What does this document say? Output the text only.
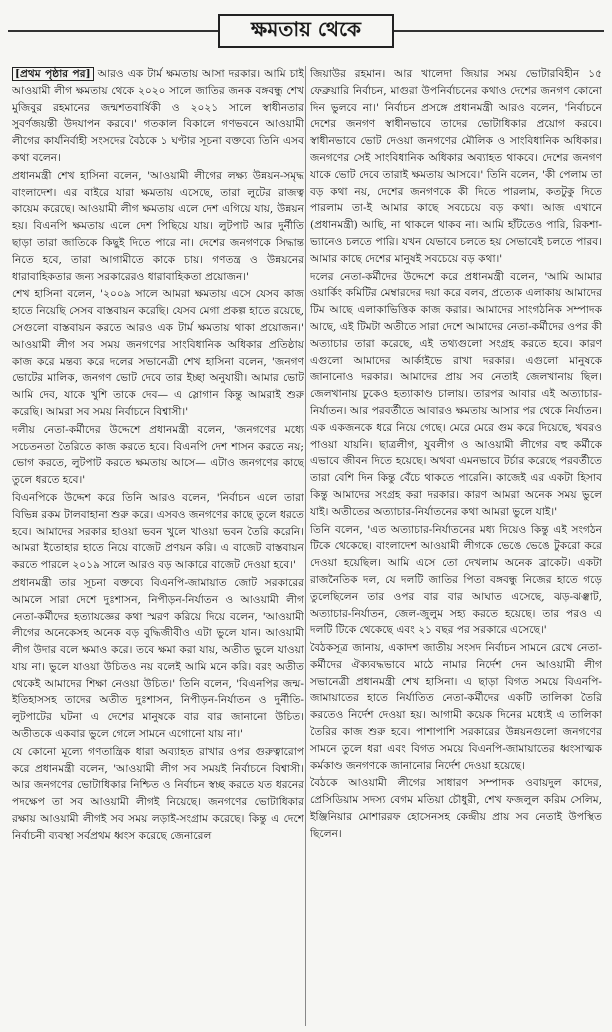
ক্ষমতায় থেকে

[প্রথম পৃষ্ঠার পর] আরও এক টার্ম ক্ষমতায় আসা দরকার। আমি চাই আওয়ামী লীগ ক্ষমতায় থেকে ২০২০ সালে জাতির জনক বঙ্গবন্ধু শেখ মুজিবুর রহমানের জন্মশতবার্ষিকী ও ২০২১ সালে স্বাধীনতার সুবর্ণজয়ন্তী উদযাপন করবে।' গতকাল বিকালে গণভবনে আওয়ামী লীগের কার্যনির্বাহী সংসদের বৈঠকে ১ ঘণ্টার সূচনা বক্তব্যে তিনি এসব কথা বলেন।

প্রধানমন্ত্রী শেখ হাসিনা বলেন, 'আওয়ামী লীগের লক্ষ্য উন্নয়ন-সমৃদ্ধ বাংলাদেশ। এর বাইরে যারা ক্ষমতায় এসেছে, তারা লুটের রাজত্ব কায়েম করেছে। আওয়ামী লীগ ক্ষমতায় এলে দেশ এগিয়ে যায়, উন্নয়ন হয়। বিএনপি ক্ষমতায় এলে দেশ পিছিয়ে যায়। লুটপাট আর দুর্নীতি ছাড়া তারা জাতিকে কিছুই দিতে পারে না। দেশের জনগণকে সিদ্ধান্ত নিতে হবে, তারা আগামীতে কাকে চায়। গণতন্ত্র ও উন্নয়নের ধারাবাহিকতার জন্য সরকারেরও ধারাবাহিকতা প্রয়োজন।'

শেখ হাসিনা বলেন, '২০০৯ সালে আমরা ক্ষমতায় এসে যেসব কাজ হাতে নিয়েছি সেসব বাস্তবায়ন করেছি। যেসব মেগা প্রকল্প হাতে রয়েছে, সেগুলো বাস্তবায়ন করতে আরও এক টার্ম ক্ষমতায় থাকা প্রয়োজন।' আওয়ামী লীগ সব সময় জনগণের সাংবিধানিক অধিকার প্রতিষ্ঠায় কাজ করে মন্তব্য করে দলের সভানেত্রী শেখ হাসিনা বলেন, 'জনগণ ভোটের মালিক, জনগণ ভোট দেবে তার ইচ্ছা অনুযায়ী। আমার ভোট আমি দেব, যাকে খুশি তাকে দেব— এ স্লোগান কিন্তু আমরাই শুরু করেছি। আমরা সব সময় নির্বাচনে বিশ্বাসী।'

দলীয় নেতা-কর্মীদের উদ্দেশে প্রধানমন্ত্রী বলেন, 'জনগণের মধ্যে সচেতনতা তৈরিতে কাজ করতে হবে। বিএনপি দেশ শাসন করতে নয়; ভোগ করতে, লুটপাট করতে ক্ষমতায় আসে— এটাও জনগণের কাছে তুলে ধরতে হবে।'

বিএনপিকে উদ্দেশ করে তিনি আরও বলেন, 'নির্বাচন এলে তারা বিভিন্ন রকম টালবাহানা শুরু করে। এসবও জনগণের কাছে তুলে ধরতে হবে। আমাদের সরকার হাওয়া ভবন খুলে খাওয়া ভবন তৈরি করেনি। আমরা ইতোহার হাতে নিয়ে বাজেট প্রণয়ন করি। এ বাজেট বাস্তবায়ন করতে পারলে ২০১৯ সালে আরও বড় আকারে বাজেট দেওয়া হবে।'

প্রধানমন্ত্রী তার সূচনা বক্তব্যে বিএনপি-জামায়াত জোট সরকারের আমলে সারা দেশে দুঃশাসন, নিপীড়ন-নির্যাতন ও আওয়ামী লীগ নেতা-কর্মীদের হত্যাযজ্ঞের কথা স্মরণ করিয়ে দিয়ে বলেন, 'আওয়ামী লীগের অনেকেসহ অনেক বড় বুদ্ধিজীবীও এটা ভুলে যান। আওয়ামী লীগ উদার বলে ক্ষমাও করে। তবে ক্ষমা করা যায়, অতীত ভুলে যাওয়া যায় না। ভুলে যাওয়া উচিতও নয় বলেই আমি মনে করি। বরং অতীত থেকেই আমাদের শিক্ষা নেওয়া উচিত।' তিনি বলেন, 'বিএনপির জন্ম-ইতিহাসসহ তাদের অতীত দুঃশাসন, নিপীড়ন-নির্যাতন ও দুর্নীতি-লুটপাটের ঘটনা এ দেশের মানুষকে বার বার জানানো উচিত। অতীতকে একবার ভুলে গেলে সামনে এগোনো যায় না।'

যে কোনো মূল্যে গণতান্ত্রিক ধারা অব্যাহত রাখার ওপর গুরুত্বারোপ করে প্রধানমন্ত্রী বলেন, 'আওয়ামী লীগ সব সময়ই নির্বাচনে বিশ্বাসী। আর জনগণের ভোটাধিকার নিশ্চিত ও নির্বাচন স্বচ্ছ করতে যত ধরনের পদক্ষেপ তা সব আওয়ামী লীগই নিয়েছে। জনগণের ভোটাধিকার রক্ষায় আওয়ামী লীগই সব সময় লড়াই-সংগ্রাম করেছে। কিন্তু এ দেশে নির্বাচনী ব্যবস্থা সর্বপ্রথম ধ্বংস করেছে জেনারেল

জিয়াউর রহমান। আর খালেদা জিয়ার সময় ভোটারবিহীন ১৫ ফেব্রুয়ারি নির্বাচন, মাগুরা উপনির্বাচনের কথাও দেশের জনগণ কোনো দিন ভুলবে না।' নির্বাচন প্রসঙ্গে প্রধানমন্ত্রী আরও বলেন, 'নির্বাচনে দেশের জনগণ স্বাধীনভাবে তাদের ভোটাধিকার প্রয়োগ করবে। স্বাধীনভাবে ভোট দেওয়া জনগণের মৌলিক ও সাংবিধানিক অধিকার। জনগণের সেই সাংবিধানিক অধিকার অব্যাহত থাকবে। দেশের জনগণ যাকে ভোট দেবে তারাই ক্ষমতায় আসবে।' তিনি বলেন, 'কী পেলাম তা বড় কথা নয়, দেশের জনগণকে কী দিতে পারলাম, কতটুকু দিতে পারলাম তা-ই আমার কাছে সবচেয়ে বড় কথা। আজ এখানে (প্রধানমন্ত্রী) আছি, না থাকলে থাকব না। আমি হাঁটতেও পারি, রিকশা-ভ্যানেও চলতে পারি। যখন যেভাবে চলতে হয় সেভাবেই চলতে পারব। আমার কাছে দেশের মানুষই সবচেয়ে বড় কথা।'

দলের নেতা-কর্মীদের উদ্দেশে করে প্রধানমন্ত্রী বলেন, 'আমি আমার ওয়ার্কিং কমিটির মেম্বারদের দয়া করে বলব, প্রত্যেক এলাকায় আমাদের টিম আছে এলাকাভিত্তিক কাজ করার। আমাদের সাংগঠনিক সম্পাদক আছে, এই টিমটা অতীতে সারা দেশে আমাদের নেতা-কর্মীদের ওপর কী অত্যাচার তারা করেছে, এই তথ্যগুলো সংগ্রহ করতে হবে। কারণ এগুলো আমাদের আর্কাইভে রাখা দরকার। এগুলো মানুষকে জানানোও দরকার। আমাদের প্রায় সব নেতাই জেলখানায় ছিল। জেলখানায় ঢুকেও হত্যাকাণ্ড চালায়। তারপর আবার এই অত্যাচার-নির্যাতন। আর পরবর্তীতে আবারও ক্ষমতায় আসার পর থেকে নির্যাতন। এক একজনকে ধরে নিয়ে গেছে। মেরে মেরে গুম করে দিয়েছে, খবরও পাওয়া যায়নি। ছাত্রলীগ, যুবলীগ ও আওয়ামী লীগের বহু কর্মীকে এভাবে জীবন দিতে হয়েছে। অথবা এমনভাবে টর্চার করেছে পরবর্তীতে তারা বেশি দিন কিন্তু বেঁচে থাকতে পারেনি। কাজেই এর একটা হিসাব কিন্তু আমাদের সংগ্রহ করা দরকার। কারণ আমরা অনেক সময় ভুলে যাই। অতীতের অত্যাচার-নির্যাতনের কথা আমরা ভুলে যাই।'

তিনি বলেন, 'এত অত্যাচার-নির্যাতনের মধ্য দিয়েও কিন্তু এই সংগঠন টিকে থেকেছে। বাংলাদেশ আওয়ামী লীগকে ভেঙে ভেঙে টুকরো করে দেওয়া হয়েছিল। আমি এসে তো দেখলাম অনেক ব্রাকেট। একটা রাজনৈতিক দল, যে দলটি জাতির পিতা বঙ্গবন্ধু নিজের হাতে গড়ে তুলেছিলেন তার ওপর বার বার আঘাত এসেছে, ঝড়-ঝঞ্ঝাট, অত্যাচার-নির্যাতন, জেল-জুলুম সহ্য করতে হয়েছে। তার পরও এ দলটি টিকে থেকেছে এবং ২১ বছর পর সরকারে এসেছে।'

বৈঠকসূত্র জানায়, একাদশ জাতীয় সংসদ নির্বাচন সামনে রেখে নেতা-কর্মীদের ঐক্যবদ্ধভাবে মাঠে নামার নির্দেশ দেন আওয়ামী লীগ সভানেত্রী প্রধানমন্ত্রী শেখ হাসিনা। এ ছাড়া বিগত সময়ে বিএনপি-জামায়াতের হাতে নির্যাতিত নেতা-কর্মীদের একটি তালিকা তৈরি করতেও নির্দেশ দেওয়া হয়। আগামী কয়েক দিনের মধ্যেই এ তালিকা তৈরির কাজ শুরু হবে। পাশাপাশি সরকারের উন্নয়নগুলো জনগণের সামনে তুলে ধরা এবং বিগত সময়ে বিএনপি-জামায়াতের ধ্বংসাত্মক কর্মকাণ্ড জনগণকে জানানোর নির্দেশ দেওয়া হয়েছে।

বৈঠকে আওয়ামী লীগের সাধারণ সম্পাদক ওবায়দুল কাদের, প্রেসিডিয়াম সদস্য বেগম মতিয়া চৌধুরী, শেখ ফজলুল করিম সেলিম, ইঞ্জিনিয়ার মোশাররফ হোসেনসহ কেন্দ্রীয় প্রায় সব নেতাই উপস্থিত ছিলেন।
